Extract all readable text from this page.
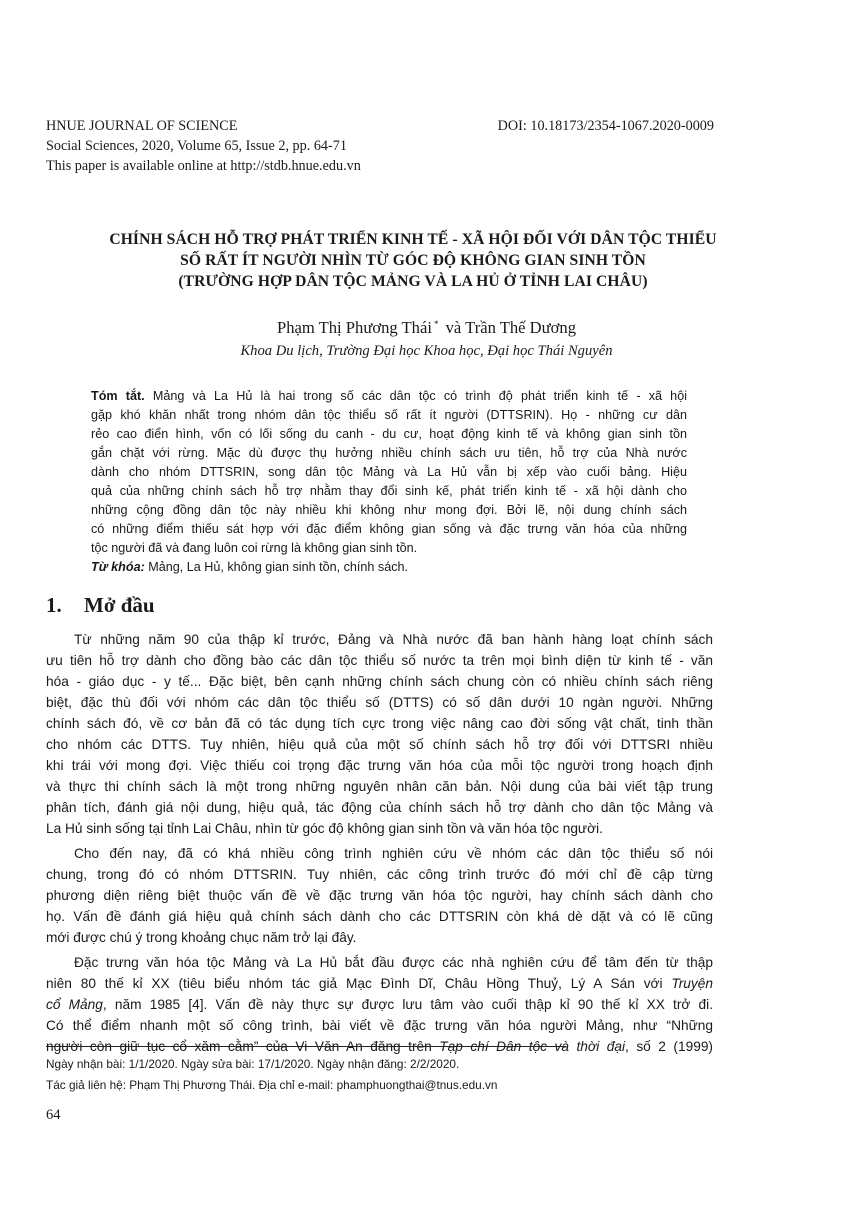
HNUE JOURNAL OF SCIENCE	DOI: 10.18173/2354-1067.2020-0009
Social Sciences, 2020, Volume 65, Issue 2, pp. 64-71
This paper is available online at http://stdb.hnue.edu.vn
CHÍNH SÁCH HỖ TRỢ PHÁT TRIỂN KINH TẾ - XÃ HỘI ĐỐI VỚI DÂN TỘC THIỂU
SỐ RẤT ÍT NGƯỜI NHÌN TỪ GÓC ĐỘ KHÔNG GIAN SINH TỒN
(TRƯỜNG HỢP DÂN TỘC MẢNG VÀ LA HỦ Ở TỈNH LAI CHÂU)
Phạm Thị Phương Thái * và Trần Thế Dương
Khoa Du lịch, Trường Đại học Khoa học, Đại học Thái Nguyên
Tóm tắt. Mảng và La Hủ là hai trong số các dân tộc có trình độ phát triển kinh tế - xã hội
gặp khó khăn nhất trong nhóm dân tộc thiểu số rất ít người (DTTSRIN). Họ - những cư dân
rẻo cao điển hình, vốn có lối sống du canh - du cư, hoạt động kinh tế và không gian sinh tồn
gắn chặt với rừng. Mặc dù được thụ hưởng nhiều chính sách ưu tiên, hỗ trợ của Nhà nước
dành cho nhóm DTTSRIN, song dân tộc Mảng và La Hủ vẫn bị xếp vào cuối bảng. Hiệu
quả của những chính sách hỗ trợ nhằm thay đổi sinh kế, phát triển kinh tế - xã hội dành cho
những cộng đồng dân tộc này nhiều khi không như mong đợi. Bởi lẽ, nội dung chính sách
có những điểm thiếu sát hợp với đặc điểm không gian sống và đặc trưng văn hóa của những
tộc người đã và đang luôn coi rừng là không gian sinh tồn.
Từ khóa: Mảng, La Hủ, không gian sinh tồn, chính sách.
1. Mở đầu
Từ những năm 90 của thập kỉ trước, Đảng và Nhà nước đã ban hành hàng loạt chính sách
ưu tiên hỗ trợ dành cho đồng bào các dân tộc thiểu số nước ta trên mọi bình diện từ kinh tế - văn
hóa - giáo dục - y tế... Đặc biệt, bên cạnh những chính sách chung còn có nhiều chính sách riêng
biệt, đặc thù đối với nhóm các dân tộc thiểu số (DTTS) có số dân dưới 10 ngàn người. Những
chính sách đó, về cơ bản đã có tác dụng tích cực trong việc nâng cao đời sống vật chất, tinh thần
cho nhóm các DTTS. Tuy nhiên, hiệu quả của một số chính sách hỗ trợ đối với DTTSRI nhiều
khi trái với mong đợi. Việc thiếu coi trọng đặc trưng văn hóa của mỗi tộc người trong hoạch định
và thực thi chính sách là một trong những nguyên nhân căn bản. Nội dung của bài viết tập trung
phân tích, đánh giá nội dung, hiệu quả, tác động của chính sách hỗ trợ dành cho dân tộc Mảng và
La Hủ sinh sống tại tỉnh Lai Châu, nhìn từ góc độ không gian sinh tồn và văn hóa tộc người.
Cho đến nay, đã có khá nhiều công trình nghiên cứu về nhóm các dân tộc thiểu số nói
chung, trong đó có nhóm DTTSRIN. Tuy nhiên, các công trình trước đó mới chỉ đề cập từng
phương diện riêng biệt thuộc vấn đề về đặc trưng văn hóa tộc người, hay chính sách dành cho
họ. Vấn đề đánh giá hiệu quả chính sách dành cho các DTTSRIN còn khá dè dặt và có lẽ cũng
mới được chú ý trong khoảng chục năm trở lại đây.
Đặc trưng văn hóa tộc Mảng và La Hủ bắt đầu được các nhà nghiên cứu để tâm đến từ thập
niên 80 thế kỉ XX (tiêu biểu nhóm tác giả Mạc Đình Dĩ, Châu Hồng Thuỷ, Lý A Sán với Truyện
cổ Mảng, năm 1985 [4]. Vấn đề này thực sự được lưu tâm vào cuối thập kỉ 90 thế kỉ XX trở đi.
Có thể điểm nhanh một số công trình, bài viết về đặc trưng văn hóa người Mảng, như “Những
người còn giữ tục cổ xăm cằm” của Vi Văn An đăng trên Tạp chí Dân tộc và thời đại, số 2 (1999)
Ngày nhận bài: 1/1/2020. Ngày sửa bài: 17/1/2020. Ngày nhận đăng: 2/2/2020.
Tác giả liên hệ: Phạm Thị Phương Thái. Địa chỉ e-mail: phamphuongthai@tnus.edu.vn
64
